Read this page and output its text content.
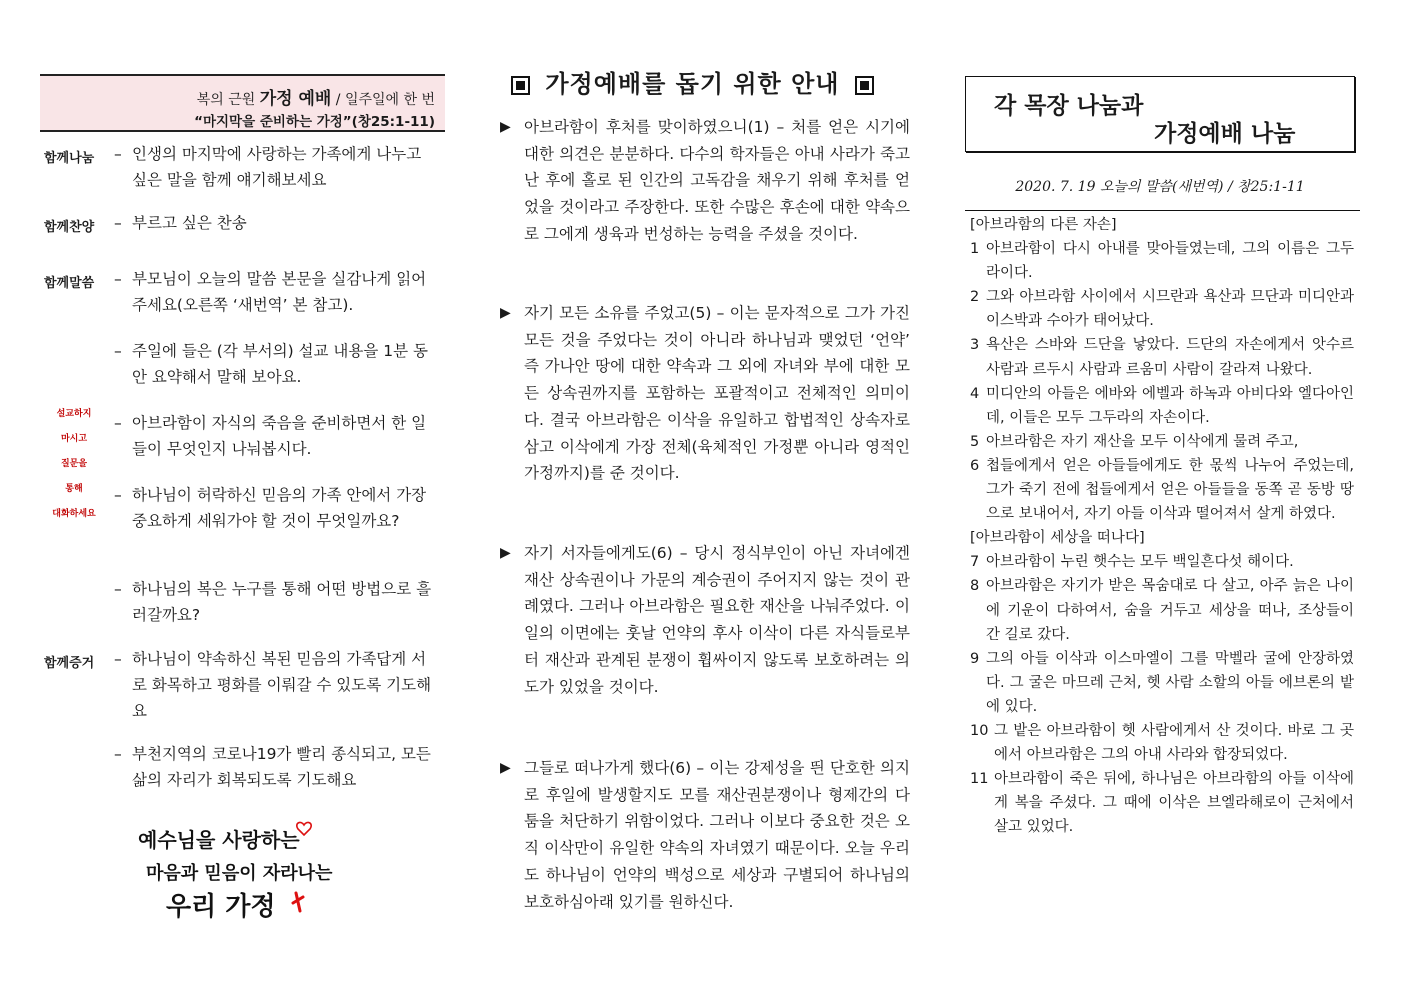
복의 근원 가정 예배 / 일주일에 한 번
“마지막을 준비하는 가정”(창25:1-11)
함께나눔	– 인생의 마지막에 사랑하는 가족에게 나누고 싶은 말을 함께 얘기해보세요
함께찬양	– 부르고 싶은 찬송
함께말씀	– 부모님이 오늘의 말씀 본문을 실감나게 읽어주세요(오른쪽 ‘새번역’ 본 참고).
– 주일에 들은 (각 부서의) 설교 내용을 1분 동안 요약해서 말해 보아요.
– 아브라함이 자식의 죽음을 준비하면서 한 일들이 무엇인지 나눠봅시다.
– 하나님이 허락하신 믿음의 가족 안에서 가장 중요하게 세워가야 할 것이 무엇일까요?
– 하나님의 복은 누구를 통해 어떤 방법으로 흘러갈까요?
함께증거	– 하나님이 약속하신 복된 믿음의 가족답게 서로 화목하고 평화를 이뤄갈 수 있도록 기도해요
– 부천지역의 코로나19가 빨리 종식되고, 모든 삶의 자리가 회복되도록 기도해요
설교하지
마시고
질문을
통해
대화하세요
예수님을 사랑하는
마음과 믿음이 자라나는
우리 가정
가정예배를 돕기 위한 안내
▶ 아브라함이 후처를 맞이하였으니(1) – 처를 얻은 시기에 대한 의견은 분분하다. 다수의 학자들은 아내 사라가 죽고 난 후에 홀로 된 인간의 고독감을 채우기 위해 후처를 얻었을 것이라고 주장한다. 또한 수많은 후손에 대한 약속으로 그에게 생육과 번성하는 능력을 주셨을 것이다.
▶ 자기 모든 소유를 주었고(5) – 이는 문자적으로 그가 가진 모든 것을 주었다는 것이 아니라 하나님과 맺었던 ‘언약’ 즉 가나안 땅에 대한 약속과 그 외에 자녀와 부에 대한 모든 상속권까지를 포함하는 포괄적이고 전체적인 의미이다. 결국 아브라함은 이삭을 유일하고 합법적인 상속자로 삼고 이삭에게 가장 전체(육체적인 가정뿐 아니라 영적인 가정까지)를 준 것이다.
▶ 자기 서자들에게도(6) – 당시 정식부인이 아닌 자녀에겐 재산 상속권이나 가문의 계승권이 주어지지 않는 것이 관례였다. 그러나 아브라함은 필요한 재산을 나눠주었다. 이 일의 이면에는 훗날 언약의 후사 이삭이 다른 자식들로부터 재산과 관계된 분쟁이 휩싸이지 않도록 보호하려는 의도가 있었을 것이다.
▶ 그들로 떠나가게 했다(6) – 이는 강제성을 띈 단호한 의지로 후일에 발생할지도 모를 재산권분쟁이나 형제간의 다툼을 처단하기 위함이었다. 그러나 이보다 중요한 것은 오직 이삭만이 유일한 약속의 자녀였기 때문이다. 오늘 우리도 하나님이 언약의 백성으로 세상과 구별되어 하나님의 보호하심아래 있기를 원하신다.
각 목장 나눔과
가정예배 나눔
2020. 7. 19 오늘의 말씀(새번역) / 창25:1-11
[아브라함의 다른 자손]
1 아브라함이 다시 아내를 맞아들였는데, 그의 이름은 그두라이다.
2 그와 아브라함 사이에서 시므란과 욕산과 므단과 미디안과 이스박과 수아가 태어났다.
3 욕산은 스바와 드단을 낳았다. 드단의 자손에게서 앗수르 사람과 르두시 사람과 르움미 사람이 갈라져 나왔다.
4 미디안의 아들은 에바와 에벨과 하녹과 아비다와 엘다아인데, 이들은 모두 그두라의 자손이다.
5 아브라함은 자기 재산을 모두 이삭에게 물려 주고,
6 첩들에게서 얻은 아들들에게도 한 몫씩 나누어 주었는데, 그가 죽기 전에 첩들에게서 얻은 아들들을 동쪽 곧 동방 땅으로 보내어서, 자기 아들 이삭과 떨어져서 살게 하였다.
[아브라함이 세상을 떠나다]
7 아브라함이 누린 햇수는 모두 백일흔다섯 해이다.
8 아브라함은 자기가 받은 목숨대로 다 살고, 아주 늙은 나이에 기운이 다하여서, 숨을 거두고 세상을 떠나, 조상들이 간 길로 갔다.
9 그의 아들 이삭과 이스마엘이 그를 막벨라 굴에 안장하였다. 그 굴은 마므레 근처, 헷 사람 소할의 아들 에브론의 밭에 있다.
10 그 밭은 아브라함이 헷 사람에게서 산 것이다. 바로 그 곳에서 아브라함은 그의 아내 사라와 합장되었다.
11 아브라함이 죽은 뒤에, 하나님은 아브라함의 아들 이삭에게 복을 주셨다. 그 때에 이삭은 브엘라해로이 근처에서 살고 있었다.
